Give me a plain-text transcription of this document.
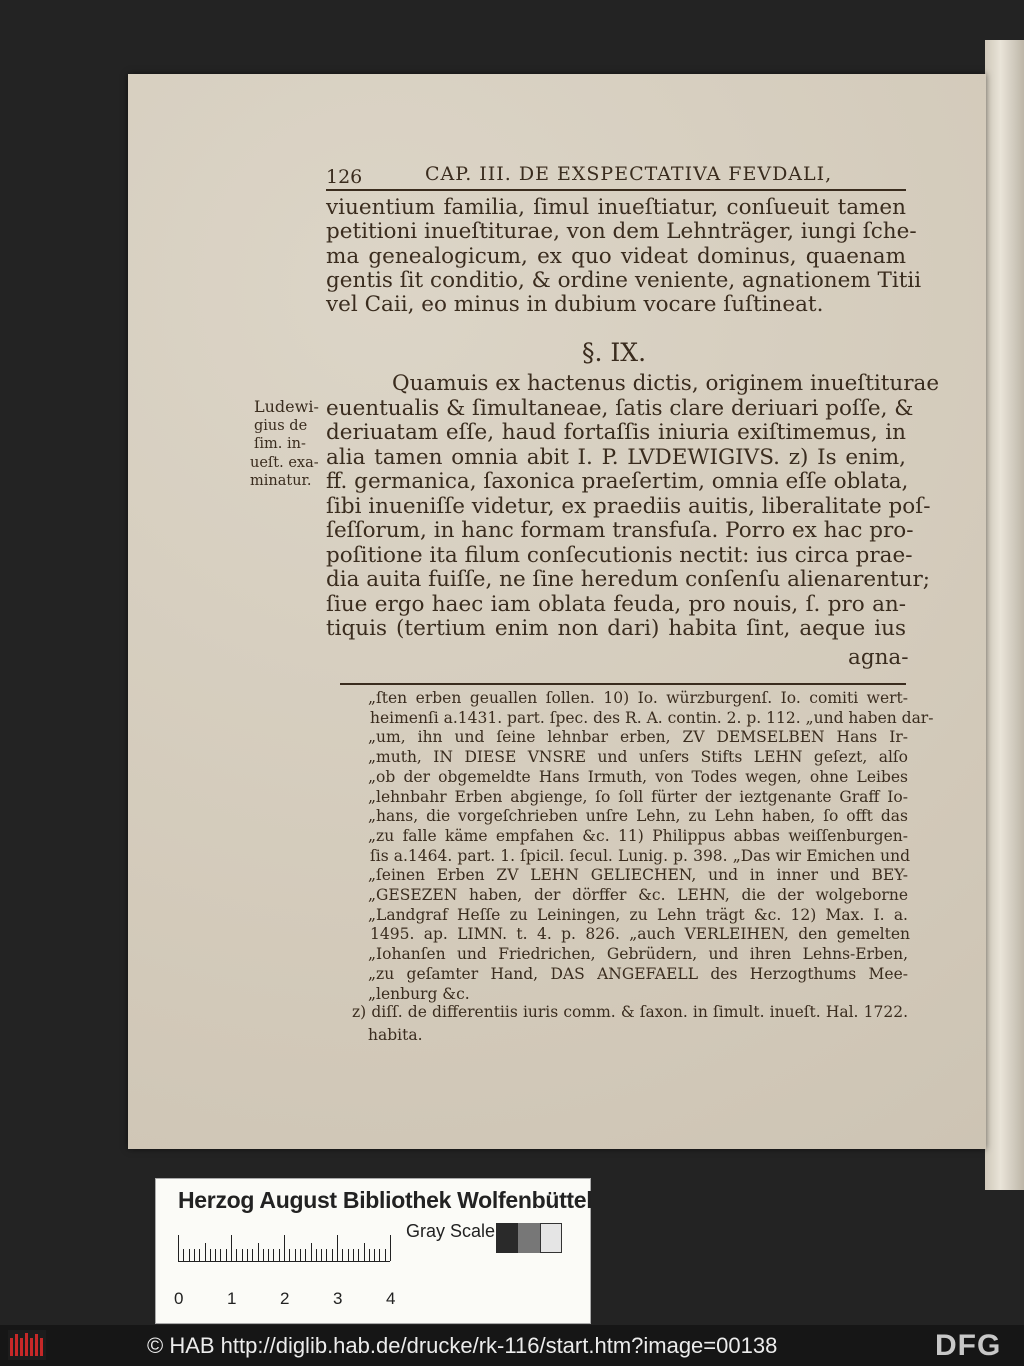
126	CAP. III. DE EXSPECTATIVA FEVDALI,
viuentium familia, ſimul inueſtiatur, conſueuit tamen
petitioni inueſtiturae, von dem Lehnträger, iungi ſche-
ma genealogicum, ex quo videat dominus, quaenam
gentis ſit conditio, & ordine veniente, agnationem Titii
vel Caii, eo minus in dubium vocare ſuſtineat.
§. IX.
Ludewi-
gius de
ſim. in-
ueſt. exa-
minatur.
Quamuis ex hactenus dictis, originem inueſtiturae
euentualis & ſimultaneae, ſatis clare deriuari poſſe, &
deriuatam eſſe, haud fortaſſis iniuria exiſtimemus, in
alia tamen omnia abit I. P. LVDEWIGIVS. z) Is enim,
ff. germanica, ſaxonica praeſertim, omnia eſſe oblata,
ſibi inueniſſe videtur, ex praediis auitis, liberalitate poſ-
ſeſſorum, in hanc formam transfuſa. Porro ex hac pro-
poſitione ita filum conſecutionis nectit: ius circa prae-
dia auita fuiſſe, ne ſine heredum conſenſu alienarentur;
ſiue ergo haec iam oblata feuda, pro nouis, ſ. pro an-
tiquis (tertium enim non dari) habita ſint, aeque ius
agna-
„ſten erben geuallen ſollen. 10) Io. würzburgenſ. Io. comiti wert-
heimenſi a.1431. part. ſpec. des R. A. contin. 2. p. 112. „und haben dar-
„um, ihn und ſeine lehnbar erben, ZV DEMSELBEN Hans Ir-
„muth, IN DIESE VNSRE und unſers Stifts LEHN geſezt, alſo
„ob der obgemeldte Hans Irmuth, von Todes wegen, ohne Leibes
„lehnbahr Erben abgienge, ſo ſoll fürter der ieztgenante Graff Io-
„hans, die vorgeſchrieben unſre Lehn, zu Lehn haben, ſo offt das
„zu falle käme empfahen &c. 11) Philippus abbas weiſſenburgen-
ſis a.1464. part. 1. ſpicil. ſecul. Lunig. p. 398. „Das wir Emichen und
„ſeinen Erben ZV LEHN GELIECHEN, und in inner und BEY-
„GESEZEN haben, der dörffer &c. LEHN, die der wolgeborne
„Landgraf Heſſe zu Leiningen, zu Lehn trägt &c. 12) Max. I. a.
1495. ap. LIMN. t. 4. p. 826. „auch VERLEIHEN, den gemelten
„Iohanſen und Friedrichen, Gebrüdern, und ihren Lehns-Erben,
„zu geſamter Hand, DAS ANGEFAELL des Herzogthums Mee-
„lenburg &c.
z) diſſ. de differentiis iuris comm. & ſaxon. in ſimult. inueſt. Hal. 1722.
habita.
Herzog August Bibliothek Wolfenbüttel
Gray Scale
0	1	2	3	4
© HAB http://diglib.hab.de/drucke/rk-116/start.htm?image=00138	DFG
